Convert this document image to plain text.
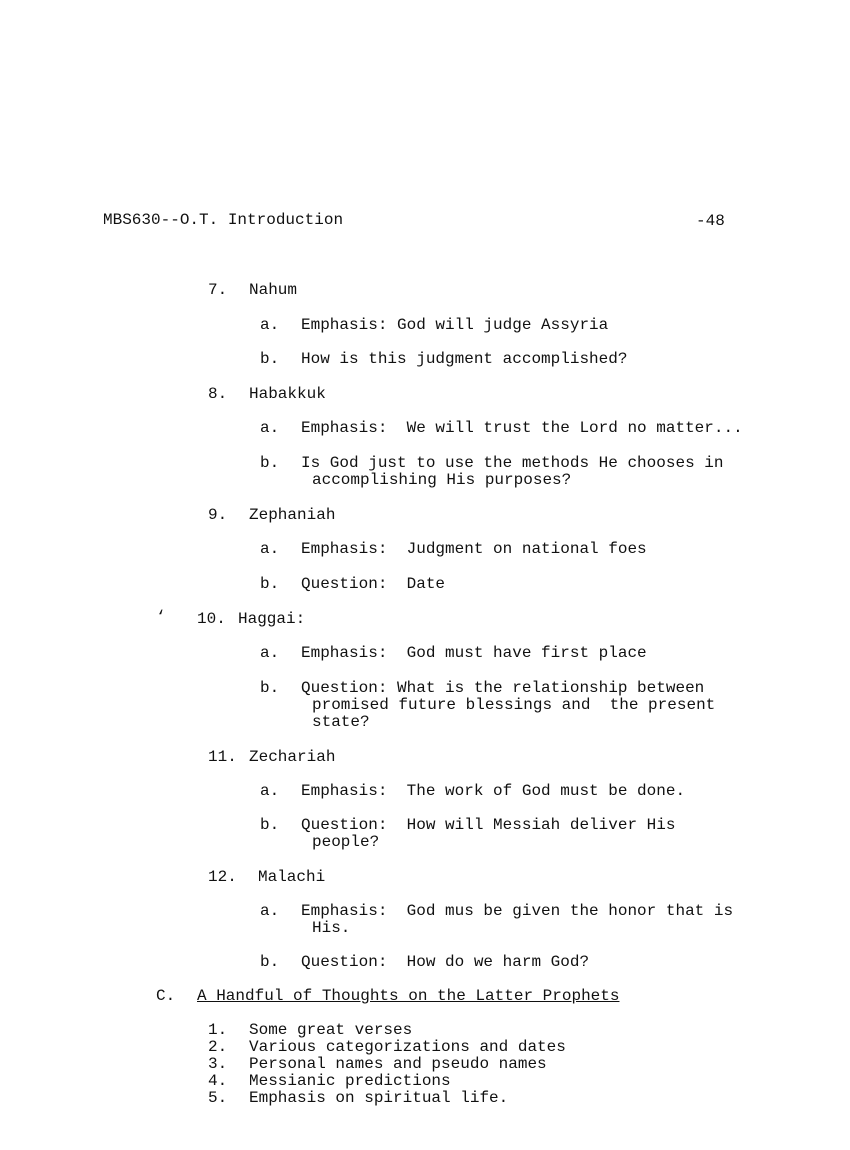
MBS630--O.T. Introduction	-48
7. Nahum
a. Emphasis: God will judge Assyria
b. How is this judgment accomplished?
8. Habakkuk
a. Emphasis:  We will trust the Lord no matter...
b. Is God just to use the methods He chooses in
accomplishing His purposes?
9. Zephaniah
a. Emphasis:  Judgment on national foes
b. Question:  Date
‘ 10. Haggai:
a. Emphasis:  God must have first place
b. Question: What is the relationship between
promised future blessings and  the present
state?
11. Zechariah
a. Emphasis:  The work of God must be done.
b. Question:  How will Messiah deliver His
people?
12. Malachi
a. Emphasis:  God mus be given the honor that is
His.
b. Question:  How do we harm God?
C. A Handful of Thoughts on the Latter Prophets
1. Some great verses
2. Various categorizations and dates
3. Personal names and pseudo names
4. Messianic predictions
5. Emphasis on spiritual life.
